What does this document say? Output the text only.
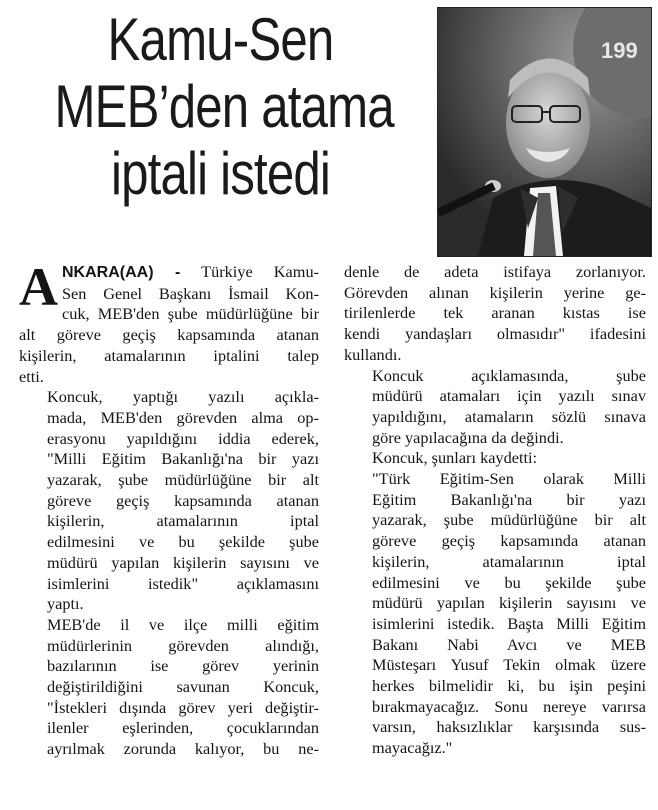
Kamu-Sen
MEB’den atama
iptali istedi
199

A NKARA(AA) - Türkiye Kamu-
Sen Genel Başkanı İsmail Kon-
cuk, MEB'den şube müdürlüğüne bir
alt göreve geçiş kapsamında atanan
kişilerin, atamalarının iptalini talep
etti.

Koncuk, yaptığı yazılı açıkla-
mada, MEB'den görevden alma op-
erasyonu yapıldığını iddia ederek,
"Milli Eğitim Bakanlığı'na bir yazı
yazarak, şube müdürlüğüne bir alt
göreve geçiş kapsamında atanan
kişilerin, atamalarının iptal
edilmesini ve bu şekilde şube
müdürü yapılan kişilerin sayısını ve
isimlerini istedik" açıklamasını
yaptı.

MEB'de il ve ilçe milli eğitim
müdürlerinin görevden alındığı,
bazılarının ise görev yerinin
değiştirildiğini savunan Koncuk,
"İstekleri dışında görev yeri değiştir-
ilenler eşlerinden, çocuklarından
ayrılmak zorunda kalıyor, bu ne-

denle de adeta istifaya zorlanıyor.
Görevden alınan kişilerin yerine ge-
tirilenlerde tek aranan kıstas ise
kendi yandaşları olmasıdır" ifadesini
kullandı.

Koncuk açıklamasında, şube
müdürü atamaları için yazılı sınav
yapıldığını, atamaların sözlü sınava
göre yapılacağına da değindi.

Koncuk, şunları kaydetti:

"Türk Eğitim-Sen olarak Milli
Eğitim Bakanlığı'na bir yazı
yazarak, şube müdürlüğüne bir alt
göreve geçiş kapsamında atanan
kişilerin, atamalarının iptal
edilmesini ve bu şekilde şube
müdürü yapılan kişilerin sayısını ve
isimlerini istedik. Başta Milli Eğitim
Bakanı Nabi Avcı ve MEB
Müsteşarı Yusuf Tekin olmak üzere
herkes bilmelidir ki, bu işin peşini
bırakmayacağız. Sonu nereye varırsa
varsın, haksızlıklar karşısında sus-
mayacağız."
